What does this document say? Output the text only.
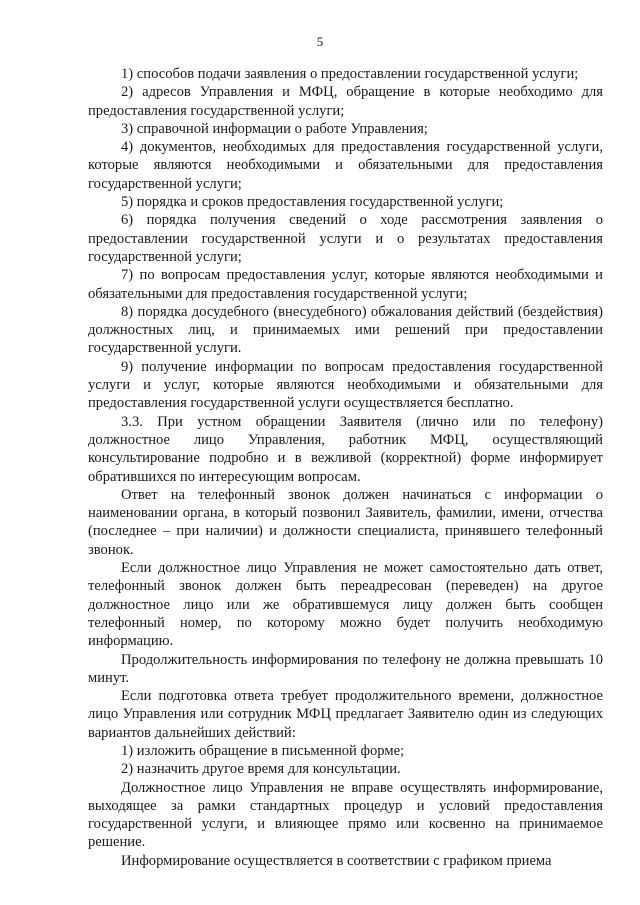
5

1) способов подачи заявления о предоставлении государственной услуги;

2) адресов Управления и МФЦ, обращение в которые необходимо для предоставления государственной услуги;

3) справочной информации о работе Управления;

4) документов, необходимых для предоставления государственной услуги, которые являются необходимыми и обязательными для предоставления государственной услуги;

5) порядка и сроков предоставления государственной услуги;

6) порядка получения сведений о ходе рассмотрения заявления о предоставлении государственной услуги и о результатах предоставления государственной услуги;

7) по вопросам предоставления услуг, которые являются необходимыми и обязательными для предоставления государственной услуги;

8) порядка досудебного (внесудебного) обжалования действий (бездействия) должностных лиц, и принимаемых ими решений при предоставлении государственной услуги.

9) получение информации по вопросам предоставления государственной услуги и услуг, которые являются необходимыми и обязательными для предоставления государственной услуги осуществляется бесплатно.

3.3. При устном обращении Заявителя (лично или по телефону) должностное лицо Управления, работник МФЦ, осуществляющий консультирование подробно и в вежливой (корректной) форме информирует обратившихся по интересующим вопросам.

Ответ на телефонный звонок должен начинаться с информации о наименовании органа, в который позвонил Заявитель, фамилии, имени, отчества (последнее – при наличии) и должности специалиста, принявшего телефонный звонок.

Если должностное лицо Управления не может самостоятельно дать ответ, телефонный звонок должен быть переадресован (переведен) на другое должностное лицо или же обратившемуся лицу должен быть сообщен телефонный номер, по которому можно будет получить необходимую информацию.

Продолжительность информирования по телефону не должна превышать 10 минут.

Если подготовка ответа требует продолжительного времени, должностное лицо Управления или сотрудник МФЦ предлагает Заявителю один из следующих вариантов дальнейших действий:

1) изложить обращение в письменной форме;

2) назначить другое время для консультации.

Должностное лицо Управления не вправе осуществлять информирование, выходящее за рамки стандартных процедур и условий предоставления государственной услуги, и влияющее прямо или косвенно на принимаемое решение.

Информирование осуществляется в соответствии с графиком приема
